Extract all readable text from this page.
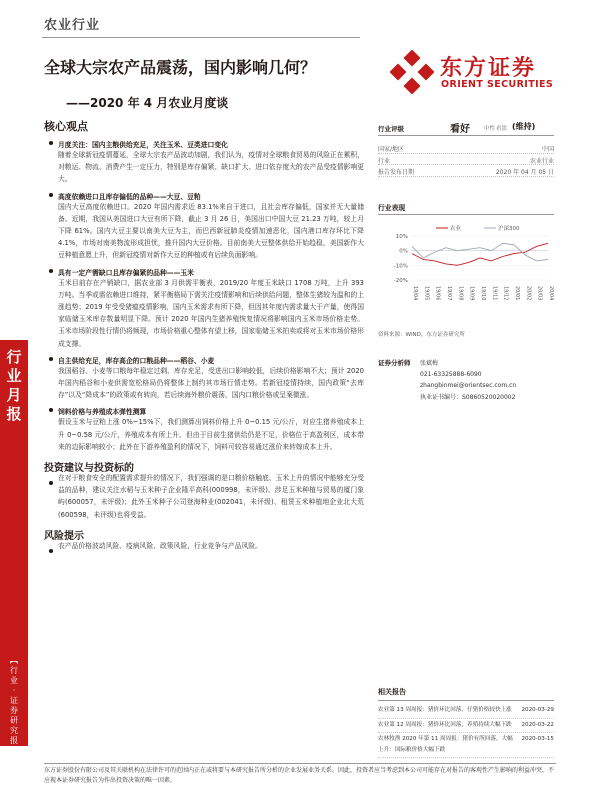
农业行业
东方证券
ORIENT SECURITIES
全球大宗农产品震荡，国内影响几何？
——2020 年 4 月农业月度谈
行
业
月
报
︻
行
业
·
证
券
研
究
报
告
︼
核心观点
月度关注：国内主粮供给充足，关注玉米、豆类进口变化
随着全球新冠疫情蔓延，全球大宗农产品波动加剧，我们认为，疫情对全球粮食贸易的风险正在累积，对粮运、物流、消费产生一定压力，特别是库存偏紧、缺口扩大、进口依存度大的农产品受疫情影响更大。
高度依赖进口且库存偏低的品种——大豆、豆粕
国内大豆高度依赖进口。2020 年国内需求近 83.1%来自于进口，且社会库存偏低，国家并无大量储备。近期，我国从美国进口大豆有所下降，截止 3 月 26 日，美国出口中国大豆 21.23 万吨，较上月下降 61%。国内大豆主要以南美大豆为主，而巴西新冠肺炎疫情加速恶化，国内港口库存环比下降 4.1%，市场对南美物流形成担忧，推升国内大豆价格。目前南美大豆整体供给开始趋稳，美国新作大豆种植意愿上升，但新冠疫情对新作大豆的种植或有后续负面影响。
具有一定产需缺口且库存偏紧的品种——玉米
玉米目前存在产销缺口，据农业部 3 月供需平衡表，2019/20 年度玉米缺口 1708 万吨，上升 393 万吨。当季或需依赖进口维持，紧平衡格局下需关注疫情影响和后续供给问题，整体生猪较为温和的上涨趋势；2019 年受受猪瘟疫情影响，国内玉米需求有所下降，但因其年度内需求量大于产量，使得国家临储玉米库存数量明显下降。预计 2020 年国内生猪养殖恢复情况将影响国内玉米市场价格走势。玉米市场阶段性行情仍将频现，市场价格重心整体有望上移，国家临储玉米拍卖或将对玉米市场价格形成支撑。
自主供给充足，库存高企的口粮品种——稻谷、小麦
我国稻谷、小麦等口粮每年稳定过剩、库存充足，受进出口影响较低，后续价格影响不大；预计 2020 年国内稻谷和小麦供需宽松格局仍将整体上制约其市场行情走势。若新冠疫情持续，国内政策“去库存”以及“降成本”的政策或有转向，若后续海外粮价震荡，国内口粮价格或呈案微涨。
饲料价格与养殖成本弹性测算
假设玉米与豆粕上涨 0%~15%下，我们测算出饲料价格上升 0~0.15 元/公斤，对应生猪养殖成本上升 0~0.58 元/公斤，养殖成本有所上升。但由于目前生猪供给仍是不足，价格位于高盈利区，成本带来的边际影响较小；此外在下游养殖盈利的情况下，饲料可较容易通过涨价来转嫁成本上升。
投资建议与投资标的
在对于粮食安全的配置需求提升的情况下，我们强调的是口粮价格触底、玉米上升的情况中能够充分受益的品种，建议关注水稻与玉米种子企业隆平高科(000998，未评级)、涉足玉米种植与贸易的厦门象屿(600057，未评级)；此外玉米种子公司登海种业(002041，未评级)、租赁玉米种植地企业北大荒(600598，未评级)也将受益。
风险提示
农产品价格波动风险、疫病风险、政策风险、行业竞争与产品风险。
行业评级	看好	中性 看淡 (维持)
国家/地区	中国
行业	农业行业
报告发布日期	2020 年 04 月 05 日
行业表现
10%
0%
-10%
-20%
19/04 19/05 19/06 19/07 19/08 19/09 19/10 19/11 19/12 20/01 20/02 20/03 20/04
农业	沪深300
资料来源：WIND，东方证券研究所
证券分析师 张斌梅
021-63325888-6090
zhangbinmei@orientsec.com.cn
执业证书编号：S0860520020002
相关报告
农业第 13 周周报：猪价环比回落，仔猪价格较快上涨	2020-03-29
农业第 12 周周报：猪价环比回落，养殖持续大幅下跌	2020-03-22
农林牧渔 2020 年第 11 周周报：猪价有所回落，大幅上升：国际粮价格大幅下跌
2020-03-15
东方证券股份有限公司及其关联机构在法律许可的范围内正在或将要与本研究报告所分析的企业发展业务关系。因此，投资者应当考虑到本公司可能存在对报告的客观性产生影响的利益冲突，不应视本证券研究报告为作出投资决策的唯一因素。
